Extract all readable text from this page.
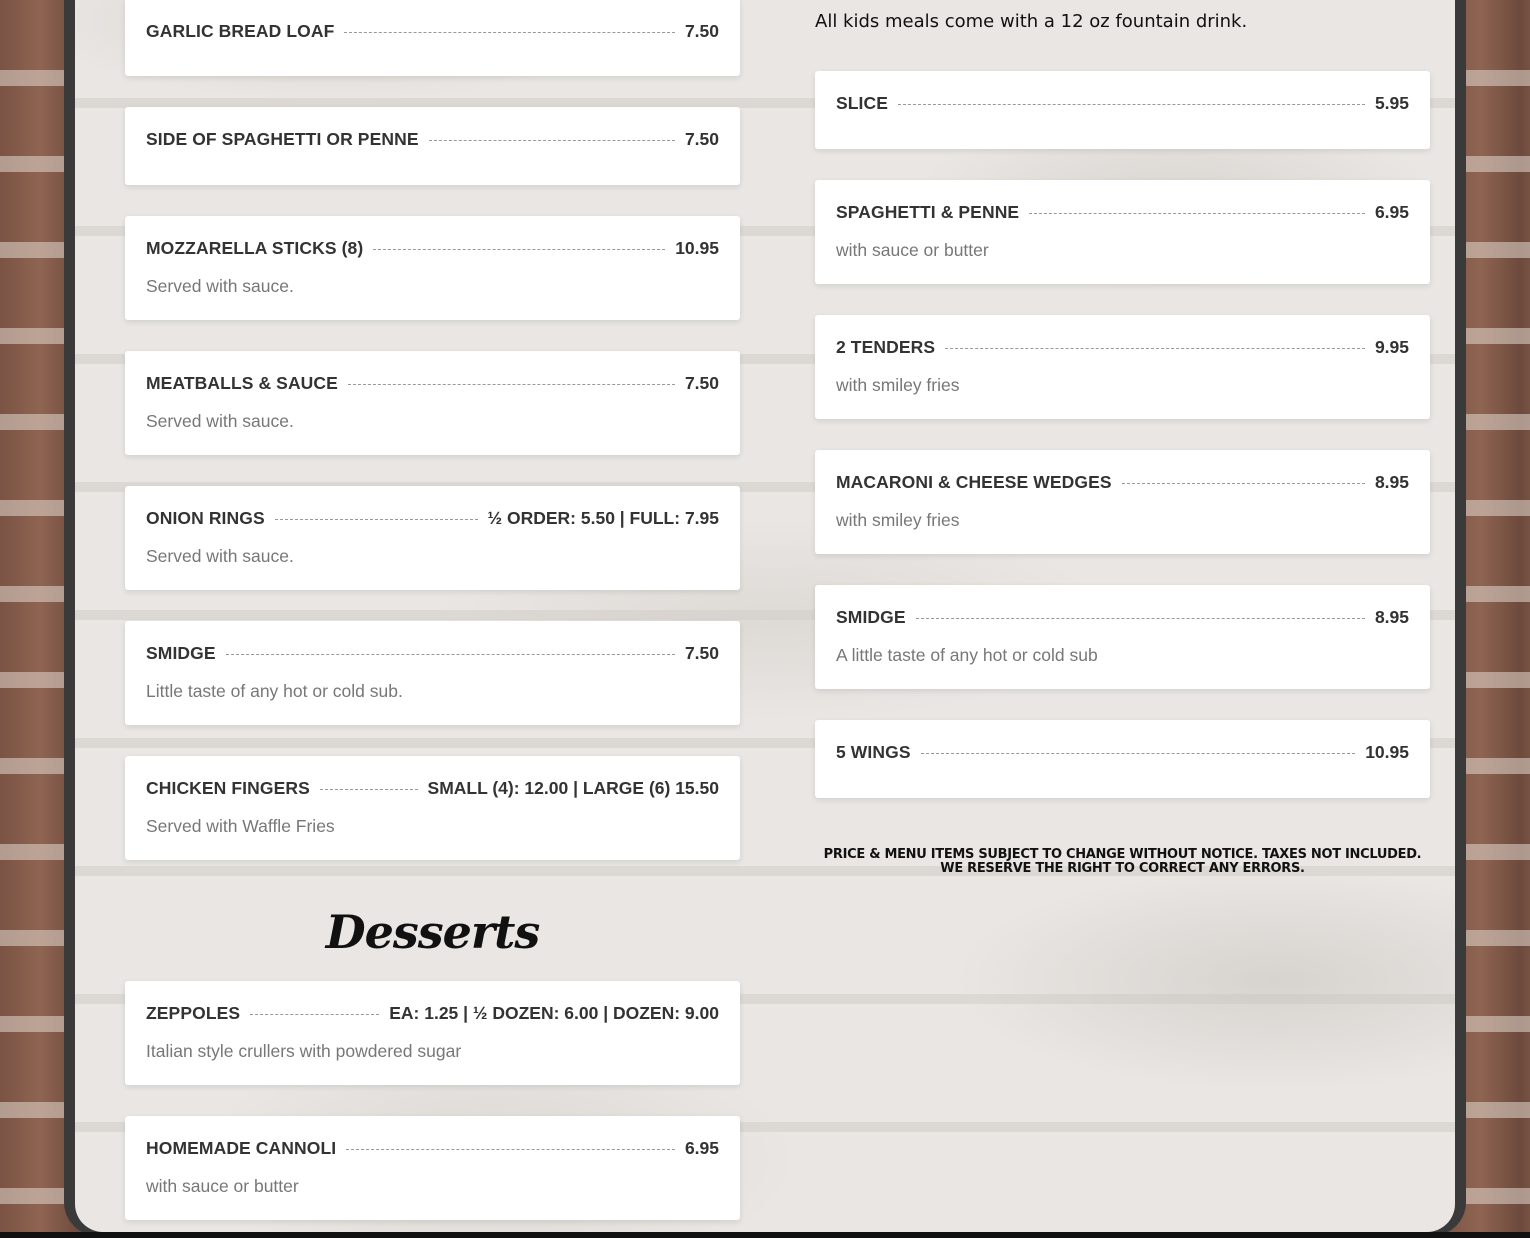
All kids meals come with a 12 oz fountain drink.
GARLIC BREAD LOAF	7.50
SIDE OF SPAGHETTI OR PENNE	7.50
MOZZARELLA STICKS (8)	10.95
Served with sauce.
MEATBALLS & SAUCE	7.50
Served with sauce.
ONION RINGS	½ ORDER: 5.50 | FULL: 7.95
Served with sauce.
SMIDGE	7.50
Little taste of any hot or cold sub.
CHICKEN FINGERS	SMALL (4): 12.00 | LARGE (6) 15.50
Served with Waffle Fries
ZEPPOLES	EA: 1.25 | ½ DOZEN: 6.00 | DOZEN: 9.00
Italian style crullers with powdered sugar
HOMEMADE CANNOLI	6.95
with sauce or butter
Desserts
SLICE	5.95
SPAGHETTI & PENNE	6.95
with sauce or butter
2 TENDERS	9.95
with smiley fries
MACARONI & CHEESE WEDGES	8.95
with smiley fries
SMIDGE	8.95
A little taste of any hot or cold sub
5 WINGS	10.95
PRICE & MENU ITEMS SUBJECT TO CHANGE WITHOUT NOTICE. TAXES NOT INCLUDED. WE RESERVE THE RIGHT TO CORRECT ANY ERRORS.
